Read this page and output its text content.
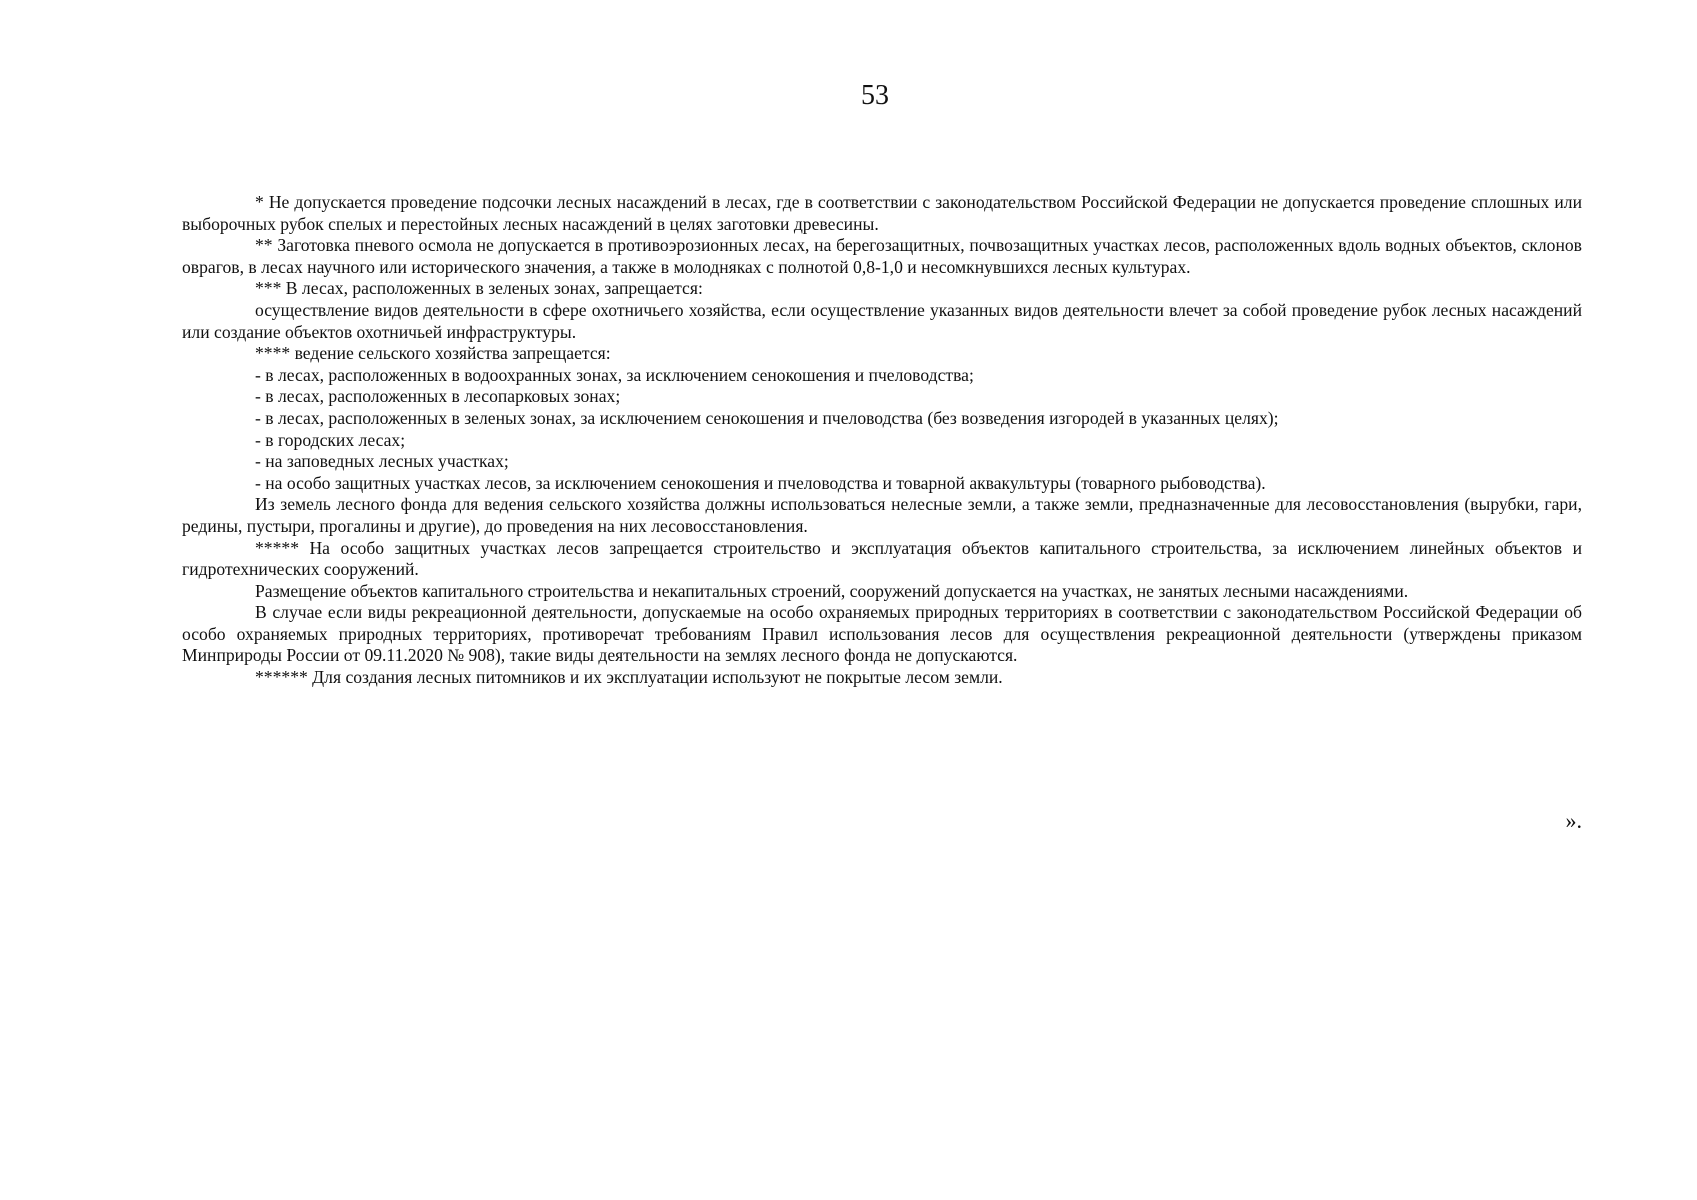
53

* Не допускается проведение подсочки лесных насаждений в лесах, где в соответствии с законодательством Российской Федерации не допускается проведение сплошных или выборочных рубок спелых и перестойных лесных насаждений в целях заготовки древесины.

** Заготовка пневого осмола не допускается в противоэрозионных лесах, на берегозащитных, почвозащитных участках лесов, расположенных вдоль водных объектов, склонов оврагов, в лесах научного или исторического значения, а также в молодняках с полнотой 0,8-1,0 и несомкнувшихся лесных культурах.

*** В лесах, расположенных в зеленых зонах, запрещается:

осуществление видов деятельности в сфере охотничьего хозяйства, если осуществление указанных видов деятельности влечет за собой проведение рубок лесных насаждений или создание объектов охотничьей инфраструктуры.

**** ведение сельского хозяйства запрещается:

- в лесах, расположенных в водоохранных зонах, за исключением сенокошения и пчеловодства;

- в лесах, расположенных в лесопарковых зонах;

- в лесах, расположенных в зеленых зонах, за исключением сенокошения и пчеловодства (без возведения изгородей в указанных целях);

- в городских лесах;

- на заповедных лесных участках;

- на особо защитных участках лесов, за исключением сенокошения и пчеловодства и товарной аквакультуры (товарного рыбоводства).

Из земель лесного фонда для ведения сельского хозяйства должны использоваться нелесные земли, а также земли, предназначенные для лесовосстановления (вырубки, гари, редины, пустыри, прогалины и другие), до проведения на них лесовосстановления.

***** На особо защитных участках лесов запрещается строительство и эксплуатация объектов капитального строительства, за исключением линейных объектов и гидротехнических сооружений.

Размещение объектов капитального строительства и некапитальных строений, сооружений допускается на участках, не занятых лесными насаждениями.

В случае если виды рекреационной деятельности, допускаемые на особо охраняемых природных территориях в соответствии с законодательством Российской Федерации об особо охраняемых природных территориях, противоречат требованиям Правил использования лесов для осуществления рекреационной деятельности (утверждены приказом Минприроды России от 09.11.2020 № 908), такие виды деятельности на землях лесного фонда не допускаются.

****** Для создания лесных питомников и их эксплуатации используют не покрытые лесом земли.

».
